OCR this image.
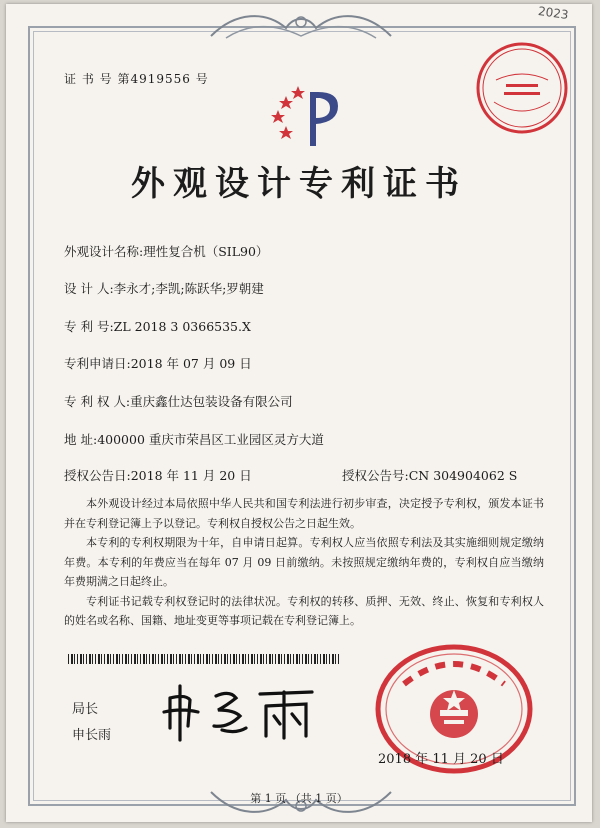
2023
证 书 号 第4919556 号
外观设计专利证书
外观设计名称:理性复合机（SIL90）
设 计 人:李永才;李凯;陈跃华;罗朝建
专 利 号:ZL 2018 3 0366535.X
专利申请日:2018 年 07 月 09 日
专 利 权 人:重庆鑫仕达包装设备有限公司
地 址:400000 重庆市荣昌区工业园区灵方大道
授权公告日:2018 年 11 月 20 日	授权公告号:CN 304904062 S

本外观设计经过本局依照中华人民共和国专利法进行初步审查，决定授予专利权，颁发本证书并在专利登记簿上予以登记。专利权自授权公告之日起生效。

本专利的专利权期限为十年，自申请日起算。专利权人应当依照专利法及其实施细则规定缴纳年费。本专利的年费应当在每年 07 月 09 日前缴纳。未按照规定缴纳年费的，专利权自应当缴纳年费期满之日起终止。

专利证书记载专利权登记时的法律状况。专利权的转移、质押、无效、终止、恢复和专利权人的姓名或名称、国籍、地址变更等事项记载在专利登记簿上。

局长
申长雨
2018 年 11 月 20 日
第 1 页 （共 1 页）
